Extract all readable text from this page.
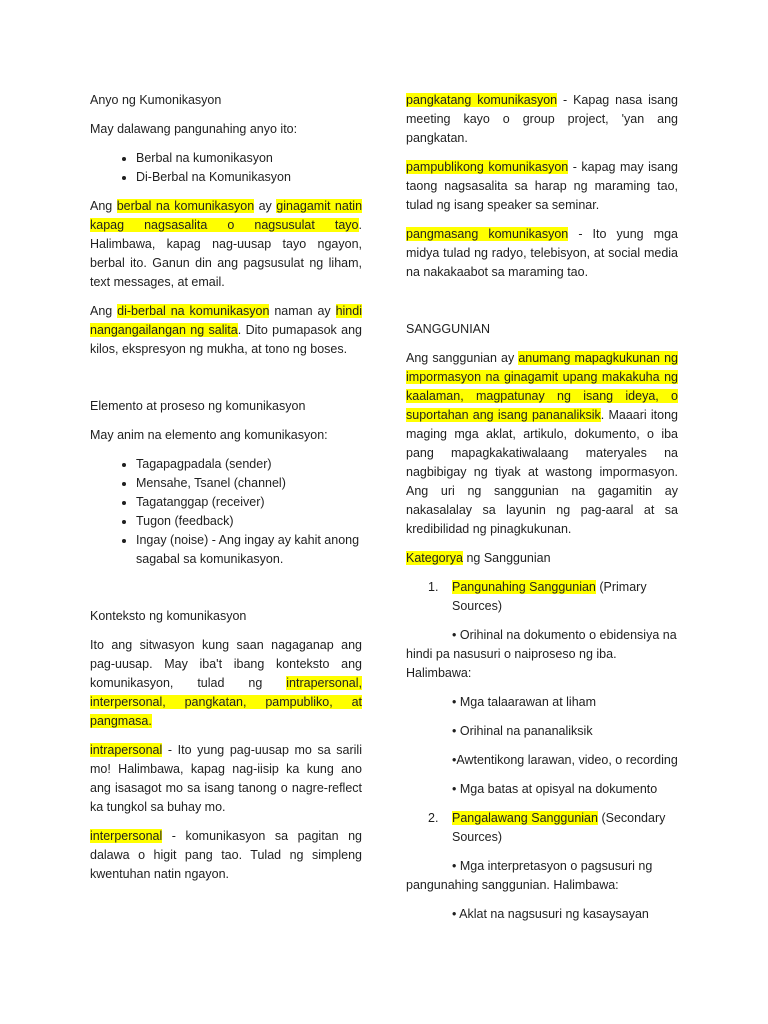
Anyo ng Kumonikasyon

May dalawang pangunahing anyo ito:

• Berbal na kumonikasyon
• Di-Berbal na Komunikasyon

Ang berbal na komunikasyon ay ginagamit natin kapag nagsasalita o nagsusulat tayo. Halimbawa, kapag nag-uusap tayo ngayon, berbal ito. Ganun din ang pagsusulat ng liham, text messages, at email.

Ang di-berbal na komunikasyon naman ay hindi nangangailangan ng salita. Dito pumapasok ang kilos, ekspresyon ng mukha, at tono ng boses.

Elemento at proseso ng komunikasyon

May anim na elemento ang komunikasyon:

• Tagapagpadala (sender)
• Mensahe, Tsanel (channel)
• Tagatanggap (receiver)
• Tugon (feedback)
• Ingay (noise) - Ang ingay ay kahit anong sagabal sa komunikasyon.

Konteksto ng komunikasyon

Ito ang sitwasyon kung saan nagaganap ang pag-uusap. May iba't ibang konteksto ang komunikasyon, tulad ng intrapersonal, interpersonal, pangkatan, pampubliko, at pangmasa.

intrapersonal - Ito yung pag-uusap mo sa sarili mo! Halimbawa, kapag nag-iisip ka kung ano ang isasagot mo sa isang tanong o nagre-reflect ka tungkol sa buhay mo.

interpersonal - komunikasyon sa pagitan ng dalawa o higit pang tao. Tulad ng simpleng kwentuhan natin ngayon.

pangkatang komunikasyon - Kapag nasa isang meeting kayo o group project, 'yan ang pangkatan.

pampublikong komunikasyon - kapag may isang taong nagsasalita sa harap ng maraming tao, tulad ng isang speaker sa seminar.

pangmasang komunikasyon - Ito yung mga midya tulad ng radyo, telebisyon, at social media na nakakaabot sa maraming tao.

SANGGUNIAN

Ang sanggunian ay anumang mapagkukunan ng impormasyon na ginagamit upang makakuha ng kaalaman, magpatunay ng isang ideya, o suportahan ang isang pananaliksik. Maaari itong maging mga aklat, artikulo, dokumento, o iba pang mapagkakatiwalaang materyales na nagbibigay ng tiyak at wastong impormasyon. Ang uri ng sanggunian na gagamitin ay nakasalalay sa layunin ng pag-aaral at sa kredibilidad ng pinagkukunan.

Kategorya ng Sanggunian

1. Pangunahing Sanggunian (Primary Sources)

• Orihinal na dokumento o ebidensiya na hindi pa nasusuri o naiproseso ng iba. Halimbawa:

• Mga talaarawan at liham

• Orihinal na pananaliksik

•Awtentikong larawan, video, o recording

• Mga batas at opisyal na dokumento

2. Pangalawang Sanggunian (Secondary Sources)

• Mga interpretasyon o pagsusuri ng pangunahing sanggunian. Halimbawa:

• Aklat na nagsusuri ng kasaysayan
